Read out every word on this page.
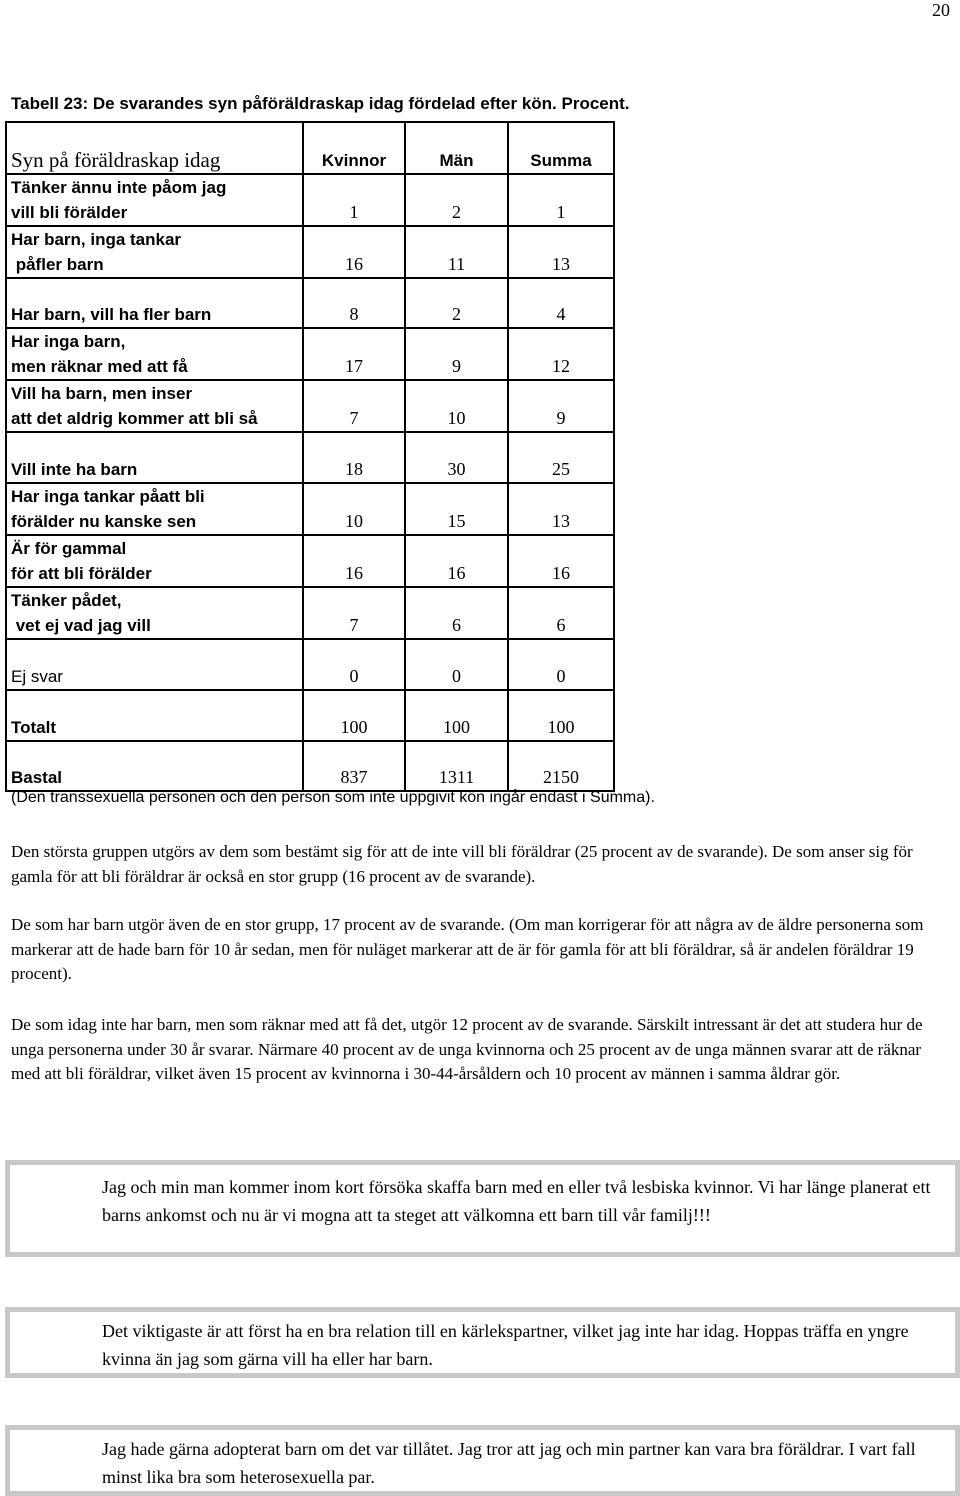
20
Tabell 23: De svarandes syn påföräldraskap idag fördelad efter kön. Procent.
Syn på föräldraskap idag	Kvinnor	Män	Summa
Tänker ännu inte påom jag
vill bli förälder	1	2	1
Har barn, inga tankar
påfler barn	16	11	13
Har barn, vill ha fler barn	8	2	4
Har inga barn,
men räknar med att få	17	9	12
Vill ha barn, men inser
att det aldrig kommer att bli så	7	10	9
Vill inte ha barn	18	30	25
Har inga tankar påatt bli
förälder nu kanske sen	10	15	13
Är för gammal
för att bli förälder	16	16	16
Tänker pådet,
vet ej vad jag vill	7	6	6
Ej svar	0	0	0
Totalt	100	100	100
Bastal	837	1311	2150
(Den transsexuella personen och den person som inte uppgivit kön ingår endast i Summa).

Den största gruppen utgörs av dem som bestämt sig för att de inte vill bli föräldrar (25 procent av de svarande). De som anser sig för gamla för att bli föräldrar är också en stor grupp (16 procent av de svarande).

De som har barn utgör även de en stor grupp, 17 procent av de svarande. (Om man korrigerar för att några av de äldre personerna som markerar att de hade barn för 10 år sedan, men för nuläget markerar att de är för gamla för att bli föräldrar, så är andelen föräldrar 19 procent).

De som idag inte har barn, men som räknar med att få det, utgör 12 procent av de svarande. Särskilt intressant är det att studera hur de unga personerna under 30 år svarar. Närmare 40 procent av de unga kvinnorna och 25 procent av de unga männen svarar att de räknar med att bli föräldrar, vilket även 15 procent av kvinnorna i 30-44-årsåldern och 10 procent av männen i samma åldrar gör.

Jag och min man kommer inom kort försöka skaffa barn med en eller två lesbiska kvinnor. Vi har länge planerat ett barns ankomst och nu är vi mogna att ta steget att välkomna ett barn till vår familj!!!

Det viktigaste är att först ha en bra relation till en kärlekspartner, vilket jag inte har idag. Hoppas träffa en yngre kvinna än jag som gärna vill ha eller har barn.

Jag hade gärna adopterat barn om det var tillåtet. Jag tror att jag och min partner kan vara bra föräldrar. I vart fall minst lika bra som heterosexuella par.
